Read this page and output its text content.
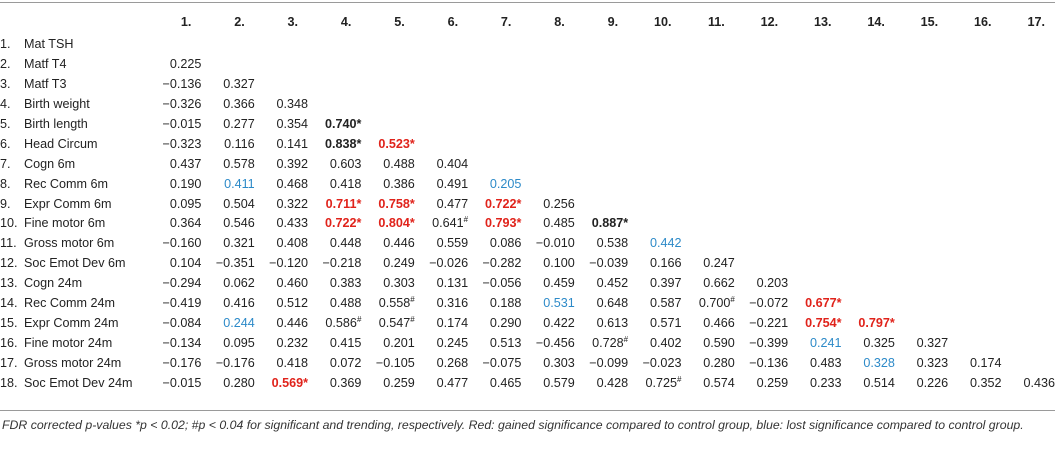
		1.	2.	3.	4.	5.	6.	7.	8.	9.	10.	11.	12.	13.	14.	15.	16.	17.
1.	Mat TSH																	
2.	Matf T4	0.225																
3.	Matf T3	−0.136	0.327															
4.	Birth weight	−0.326	0.366	0.348														
5.	Birth length	−0.015	0.277	0.354	0.740*													
6.	Head Circum	−0.323	0.116	0.141	0.838*	0.523*												
7.	Cogn 6m	0.437	0.578	0.392	0.603	0.488	0.404											
8.	Rec Comm 6m	0.190	0.411	0.468	0.418	0.386	0.491	0.205										
9.	Expr Comm 6m	0.095	0.504	0.322	0.711*	0.758*	0.477	0.722*	0.256									
10.	Fine motor 6m	0.364	0.546	0.433	0.722*	0.804*	0.641#	0.793*	0.485	0.887*								
11.	Gross motor 6m	−0.160	0.321	0.408	0.448	0.446	0.559	0.086	−0.010	0.538	0.442							
12.	Soc Emot Dev 6m	0.104	−0.351	−0.120	−0.218	0.249	−0.026	−0.282	0.100	−0.039	0.166	0.247						
13.	Cogn 24m	−0.294	0.062	0.460	0.383	0.303	0.131	−0.056	0.459	0.452	0.397	0.662	0.203					
14.	Rec Comm 24m	−0.419	0.416	0.512	0.488	0.558#	0.316	0.188	0.531	0.648	0.587	0.700#	−0.072	0.677*				
15.	Expr Comm 24m	−0.084	0.244	0.446	0.586#	0.547#	0.174	0.290	0.422	0.613	0.571	0.466	−0.221	0.754*	0.797*			
16.	Fine motor 24m	−0.134	0.095	0.232	0.415	0.201	0.245	0.513	−0.456	0.728#	0.402	0.590	−0.399	0.241	0.325	0.327		
17.	Gross motor 24m	−0.176	−0.176	0.418	0.072	−0.105	0.268	−0.075	0.303	−0.099	−0.023	0.280	−0.136	0.483	0.328	0.323	0.174	
18.	Soc Emot Dev 24m	−0.015	0.280	0.569*	0.369	0.259	0.477	0.465	0.579	0.428	0.725#	0.574	0.259	0.233	0.514	0.226	0.352	0.436
FDR corrected p-values *p < 0.02; #p < 0.04 for significant and trending, respectively. Red: gained significance compared to control group, blue: lost significance compared to control group.
